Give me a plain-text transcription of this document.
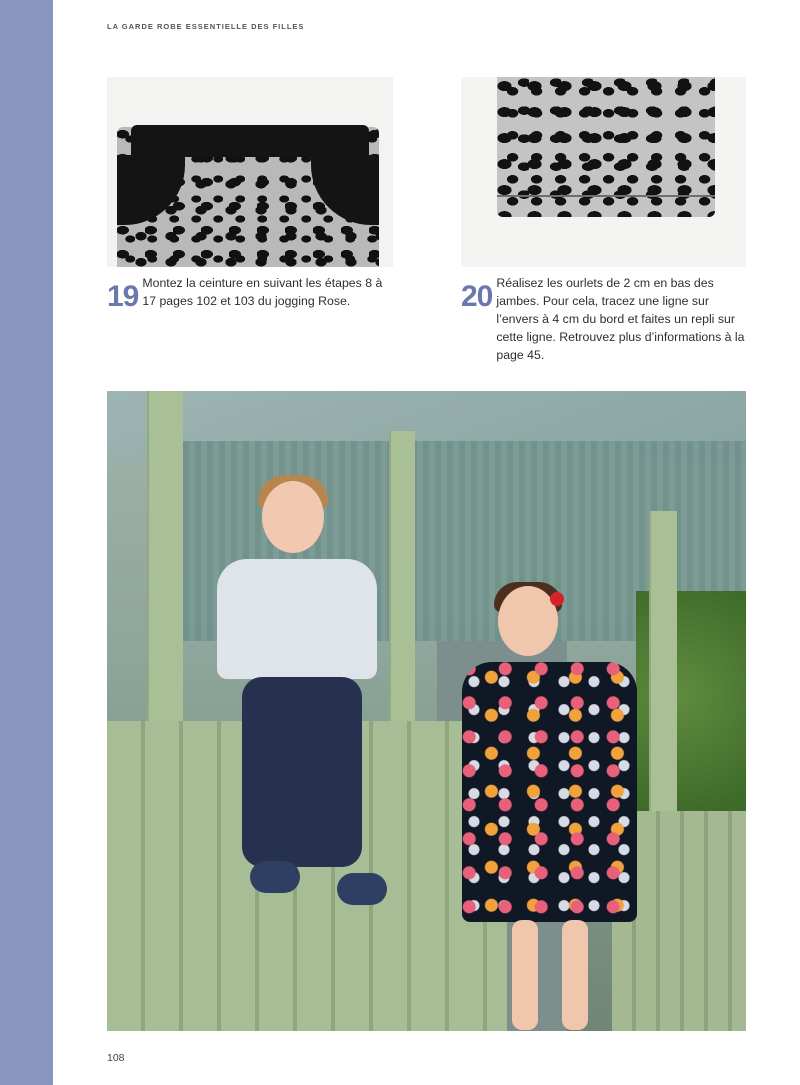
LA GARDE ROBE ESSENTIELLE DES FILLES
19 Montez la ceinture en suivant les étapes 8 à 17 pages 102 et 103 du jogging Rose.	20 Réalisez les ourlets de 2 cm en bas des jambes. Pour cela, tracez une ligne sur l’envers à 4 cm du bord et faites un repli sur cette ligne. Retrouvez plus d’informations à la page 45.
108
